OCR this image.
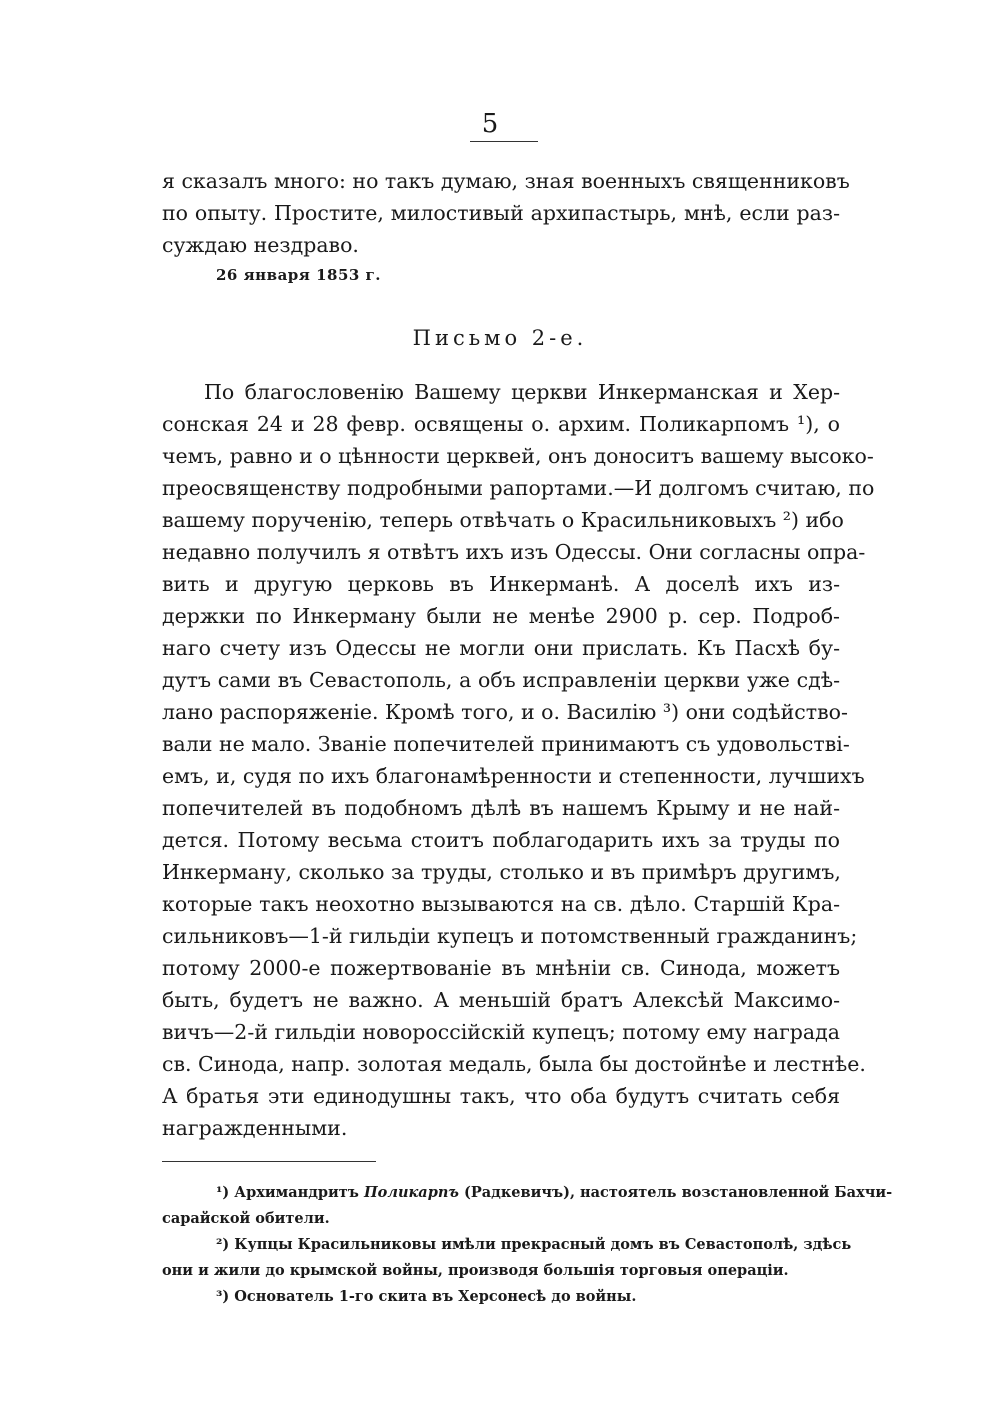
5
я сказалъ много: но такъ думаю, зная военныхъ священниковъ
по опыту. Простите, милостивый архипастырь, мнѣ, если раз-
суждаю нездраво.
26 января 1853 г.
Письмо 2-е.
По благословенію Вашему церкви Инкерманская и Хер-
сонская 24 и 28 февр. освящены о. архим. Поликарпомъ ¹), о
чемъ, равно и о цѣнности церквей, онъ доноситъ вашему высоко-
преосвященству подробными рапортами.—И долгомъ считаю, по
вашему порученію, теперь отвѣчать о Красильниковыхъ ²) ибо
недавно получилъ я отвѣтъ ихъ изъ Одессы. Они согласны опра-
вить и другую церковь въ Инкерманѣ. А доселѣ ихъ из-
держки по Инкерману были не менѣе 2900 р. сер. Подроб-
наго счету изъ Одессы не могли они прислать. Къ Пасхѣ бу-
дутъ сами въ Севастополь, а объ исправленіи церкви уже сдѣ-
лано распоряженіе. Кромѣ того, и о. Василію ³) они содѣйство-
вали не мало. Званіе попечителей принимаютъ съ удовольстві-
емъ, и, судя по ихъ благонамѣренности и степенности, лучшихъ
попечителей въ подобномъ дѣлѣ въ нашемъ Крыму и не най-
дется. Потому весьма стоитъ поблагодарить ихъ за труды по
Инкерману, сколько за труды, столько и въ примѣръ другимъ,
которые такъ неохотно вызываются на св. дѣло. Старшій Кра-
сильниковъ—1-й гильдіи купецъ и потомственный гражданинъ;
потому 2000-е пожертвованіе въ мнѣніи св. Синода, можетъ
быть, будетъ не важно. А меньшій братъ Алексѣй Максимо-
вичъ—2-й гильдіи новороссійскій купецъ; потому ему награда
св. Синода, напр. золотая медаль, была бы достойнѣе и лестнѣе.
А братья эти единодушны такъ, что оба будутъ считать себя
награжденными.
¹) Архимандритъ Поликарпъ (Радкевичъ), настоятель возстановленной Бахчи-
сарайской обители.
²) Купцы Красильниковы имѣли прекрасный домъ въ Севастополѣ, здѣсь
они и жили до крымской войны, производя большія торговыя операціи.
³) Основатель 1-го скита въ Херсонесѣ до войны.
